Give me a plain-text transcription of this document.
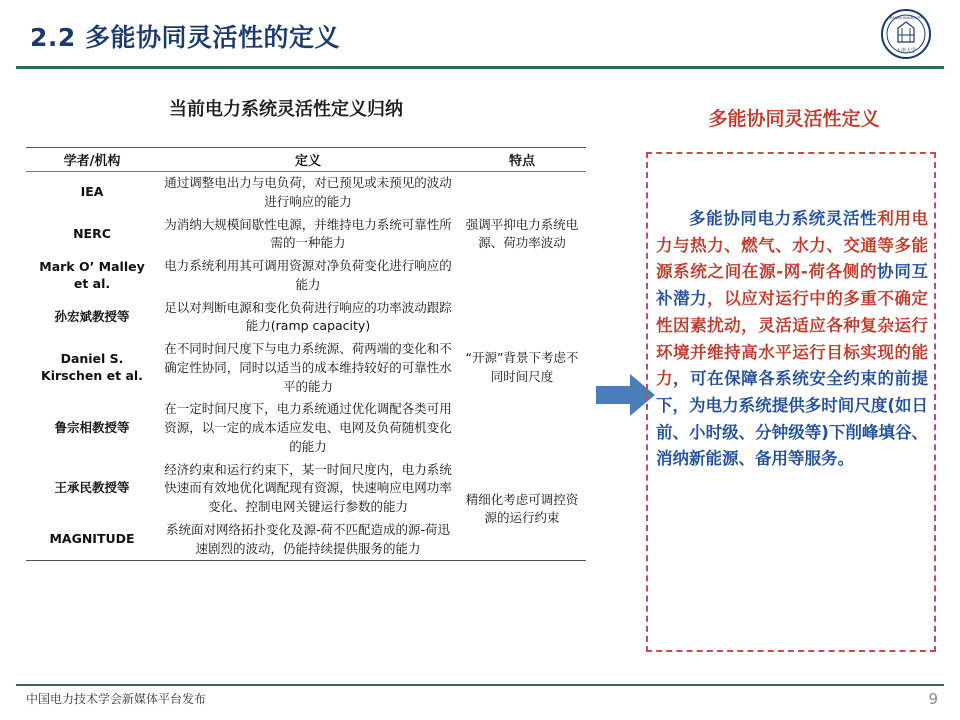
2.2 多能协同灵活性的定义	天津大学
TIANJIN UNIVERSITY
当前电力系统灵活性定义归纳
学者/机构	定义	特点
IEA	通过调整电出力与电负荷，对已预见或未预见的波动进行响应的能力	强调平抑电力系统电源、荷功率波动
NERC	为消纳大规模间歇性电源，并维持电力系统可靠性所需的一种能力	
Mark O’ Malley et al.	电力系统利用其可调用资源对净负荷变化进行响应的能力	
孙宏斌教授等	足以对判断电源和变化负荷进行响应的功率波动跟踪能力(ramp capacity)	
Daniel S. Kirschen et al.	在不同时间尺度下与电力系统源、荷两端的变化和不确定性协同，同时以适当的成本维持较好的可靠性水平的能力	“开源”背景下考虑不同时间尺度
鲁宗相教授等	在一定时间尺度下，电力系统通过优化调配各类可用资源，以一定的成本适应发电、电网及负荷随机变化的能力	
王承民教授等	经济约束和运行约束下，某一时间尺度内，电力系统快速而有效地优化调配现有资源，快速响应电网功率变化、控制电网关键运行参数的能力	精细化考虑可调控资源的运行约束
MAGNITUDE	系统面对网络拓扑变化及源-荷不匹配造成的源-荷迅速剧烈的波动，仍能持续提供服务的能力	
多能协同灵活性定义
多能协同电力系统灵活性利用电力与热力、燃气、水力、交通等多能源系统之间在源-网-荷各侧的协同互补潜力，以应对运行中的多重不确定性因素扰动，灵活适应各种复杂运行环境并维持高水平运行目标实现的能力，可在保障各系统安全约束的前提下，为电力系统提供多时间尺度(如日前、小时级、分钟级等)下削峰填谷、消纳新能源、备用等服务。
中国电力技术学会新媒体平台发布	9
